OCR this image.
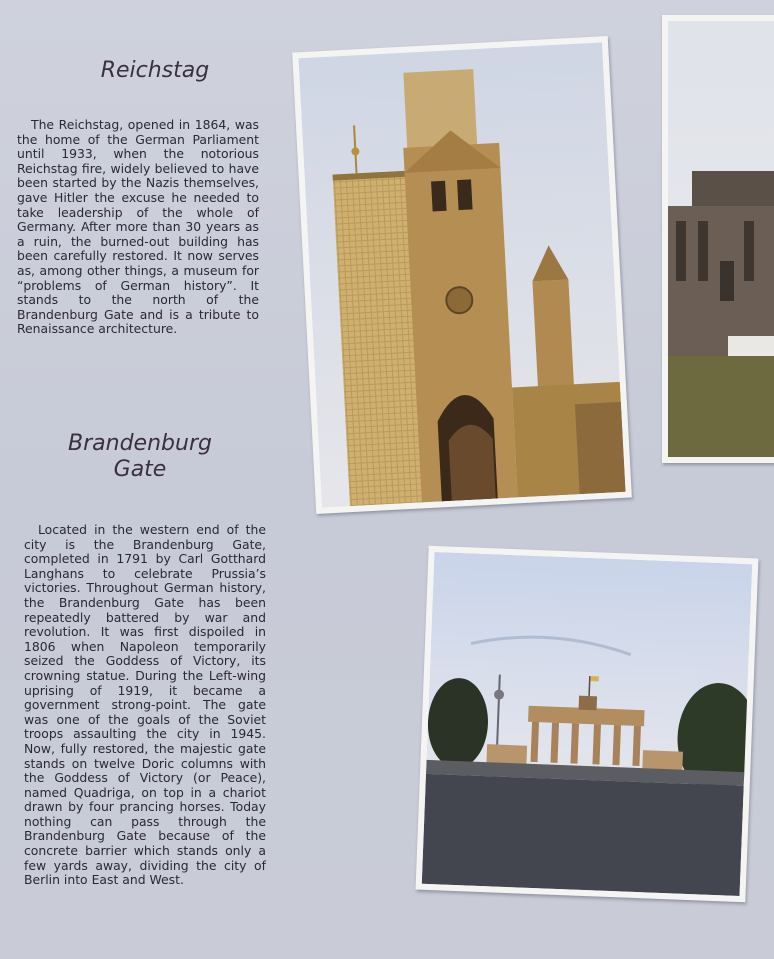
Reichstag

The Reichstag, opened in 1864, was the home of the German Parliament until 1933, when the notorious Reichstag fire, widely believed to have been started by the Nazis themselves, gave Hitler the excuse he needed to take leadership of the whole of Germany. After more than 30 years as a ruin, the burned-out building has been carefully restored. It now serves as, among other things, a museum for “problems of German history”. It stands to the north of the Brandenburg Gate and is a tribute to Renaissance architecture.

Brandenburg
Gate

Located in the western end of the city is the Brandenburg Gate, completed in 1791 by Carl Gotthard Langhans to celebrate Prussia’s victories. Throughout German history, the Brandenburg Gate has been repeatedly battered by war and revolution. It was first dispoiled in 1806 when Napoleon temporarily seized the Goddess of Victory, its crowning statue. During the Left-wing uprising of 1919, it became a government strong-point. The gate was one of the goals of the Soviet troops assaulting the city in 1945. Now, fully restored, the majestic gate stands on twelve Doric columns with the Goddess of Victory (or Peace), named Quadriga, on top in a chariot drawn by four prancing horses. Today nothing can pass through the Brandenburg Gate because of the concrete barrier which stands only a few yards away, dividing the city of Berlin into East and West.
